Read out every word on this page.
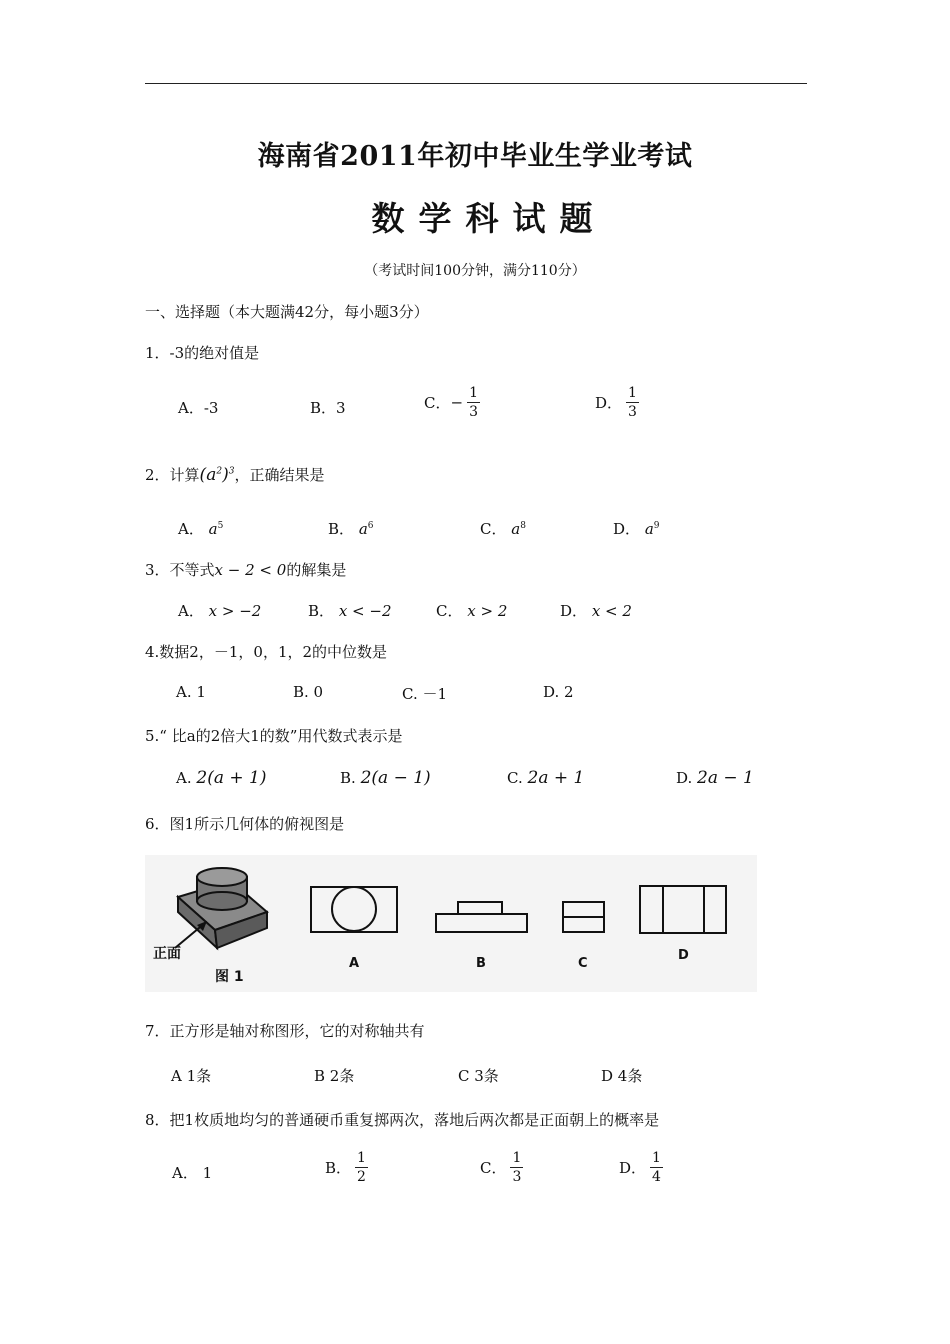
海南省2011年初中毕业生学业考试
数学科试题
（考试时间100分钟，满分110分）
一、选择题（本大题满42分，每小题3分）
1．-3的绝对值是
A．-3	B．3	C．− $\frac{1}{3}$	D． $\frac{1}{3}$
2．计算$(a^2)^3$，正确结果是
A． $a^5$	B． $a^6$	C． $a^8$	D． $a^9$
3．不等式x − 2 < 0的解集是
A． x > −2	B． x < −2	C． x > 2	D． x < 2
4.数据2，－1，0，1，2的中位数是
A. 1	B. 0	C. －1	D. 2
5.“ 比a的2倍大1的数”用代数式表示是
A. 2(a + 1)	B. 2(a − 1)	C. 2a + 1	D. 2a − 1
6．图1所示几何体的俯视图是
正面
图 1
A	B	C
D
7．正方形是轴对称图形，它的对称轴共有
A 1条	B 2条	C 3条	D 4条
8．把1枚质地均匀的普通硬币重复掷两次，落地后两次都是正面朝上的概率是
A． 1	B． $\frac{1}{2}$	C． $\frac{1}{3}$	D． $\frac{1}{4}$
